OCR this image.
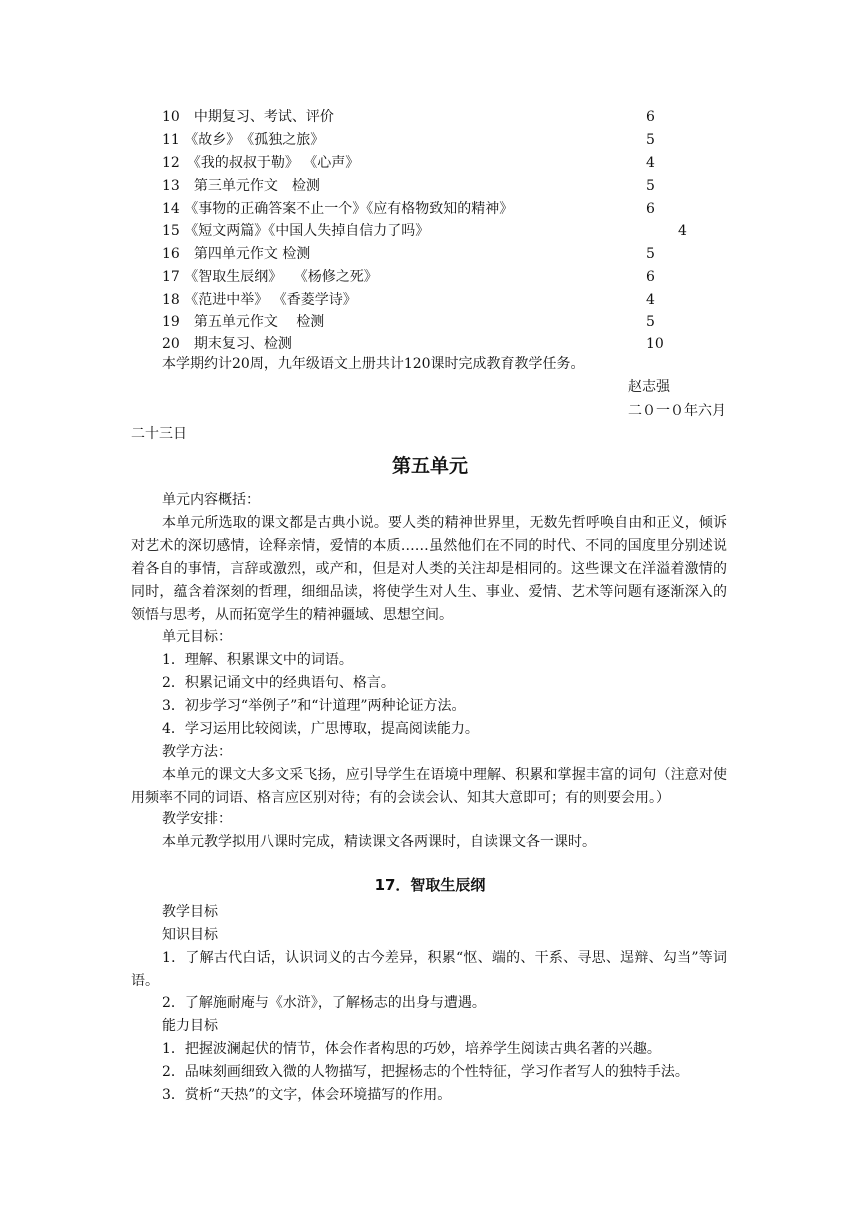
10　中期复习、考试、评价	6
11 《故乡》　《孤独之旅》	5
12　《我的叔叔于勒》 《心声》	4
13　第三单元作文　检测	5
14 《事物的正确答案不止一个》《应有格物致知的精神》	6
15 《短文两篇》《中国人失掉自信力了吗》	4
16　第四单元作文 检测	5
17 《智取生辰纲》　 《杨修之死》	6
18 《范进中举》 《香菱学诗》	4
19　第五单元作文　 检测	5
20　期末复习、检测	10
本学期约计20周，九年级语文上册共计120课时完成教育教学任务。
赵志强
二０一０年六月
二十三日
第五单元
单元内容概括：
本单元所选取的课文都是古典小说。要人类的精神世界里，无数先哲呼唤自由和正义，倾诉对艺术的深切感情，诠释亲情，爱情的本质……虽然他们在不同的时代、不同的国度里分别述说着各自的事情，言辞或激烈，或产和，但是对人类的关注却是相同的。这些课文在洋溢着激情的同时，蕴含着深刻的哲理，细细品读，将使学生对人生、事业、爱情、艺术等问题有逐渐深入的领悟与思考，从而拓宽学生的精神疆域、思想空间。
单元目标：
1．理解、积累课文中的词语。
2．积累记诵文中的经典语句、格言。
3．初步学习“举例子”和“计道理”两种论证方法。
4．学习运用比较阅读，广思博取，提高阅读能力。
教学方法：
本单元的课文大多文采飞扬，应引导学生在语境中理解、积累和掌握丰富的词句（注意对使用频率不同的词语、格言应区别对待；有的会读会认、知其大意即可；有的则要会用。）
教学安排：
本单元教学拟用八课时完成，精读课文各两课时，自读课文各一课时。
17．智取生辰纲
教学目标
知识目标
1．了解古代白话，认识词义的古今差异，积累“怄、端的、干系、寻思、逞辩、勾当”等词语。
2．了解施耐庵与《水浒》，了解杨志的出身与遭遇。
能力目标
1．把握波澜起伏的情节，体会作者构思的巧妙，培养学生阅读古典名著的兴趣。
2．品味刻画细致入微的人物描写，把握杨志的个性特征，学习作者写人的独特手法。
3．赏析“天热”的文字，体会环境描写的作用。
